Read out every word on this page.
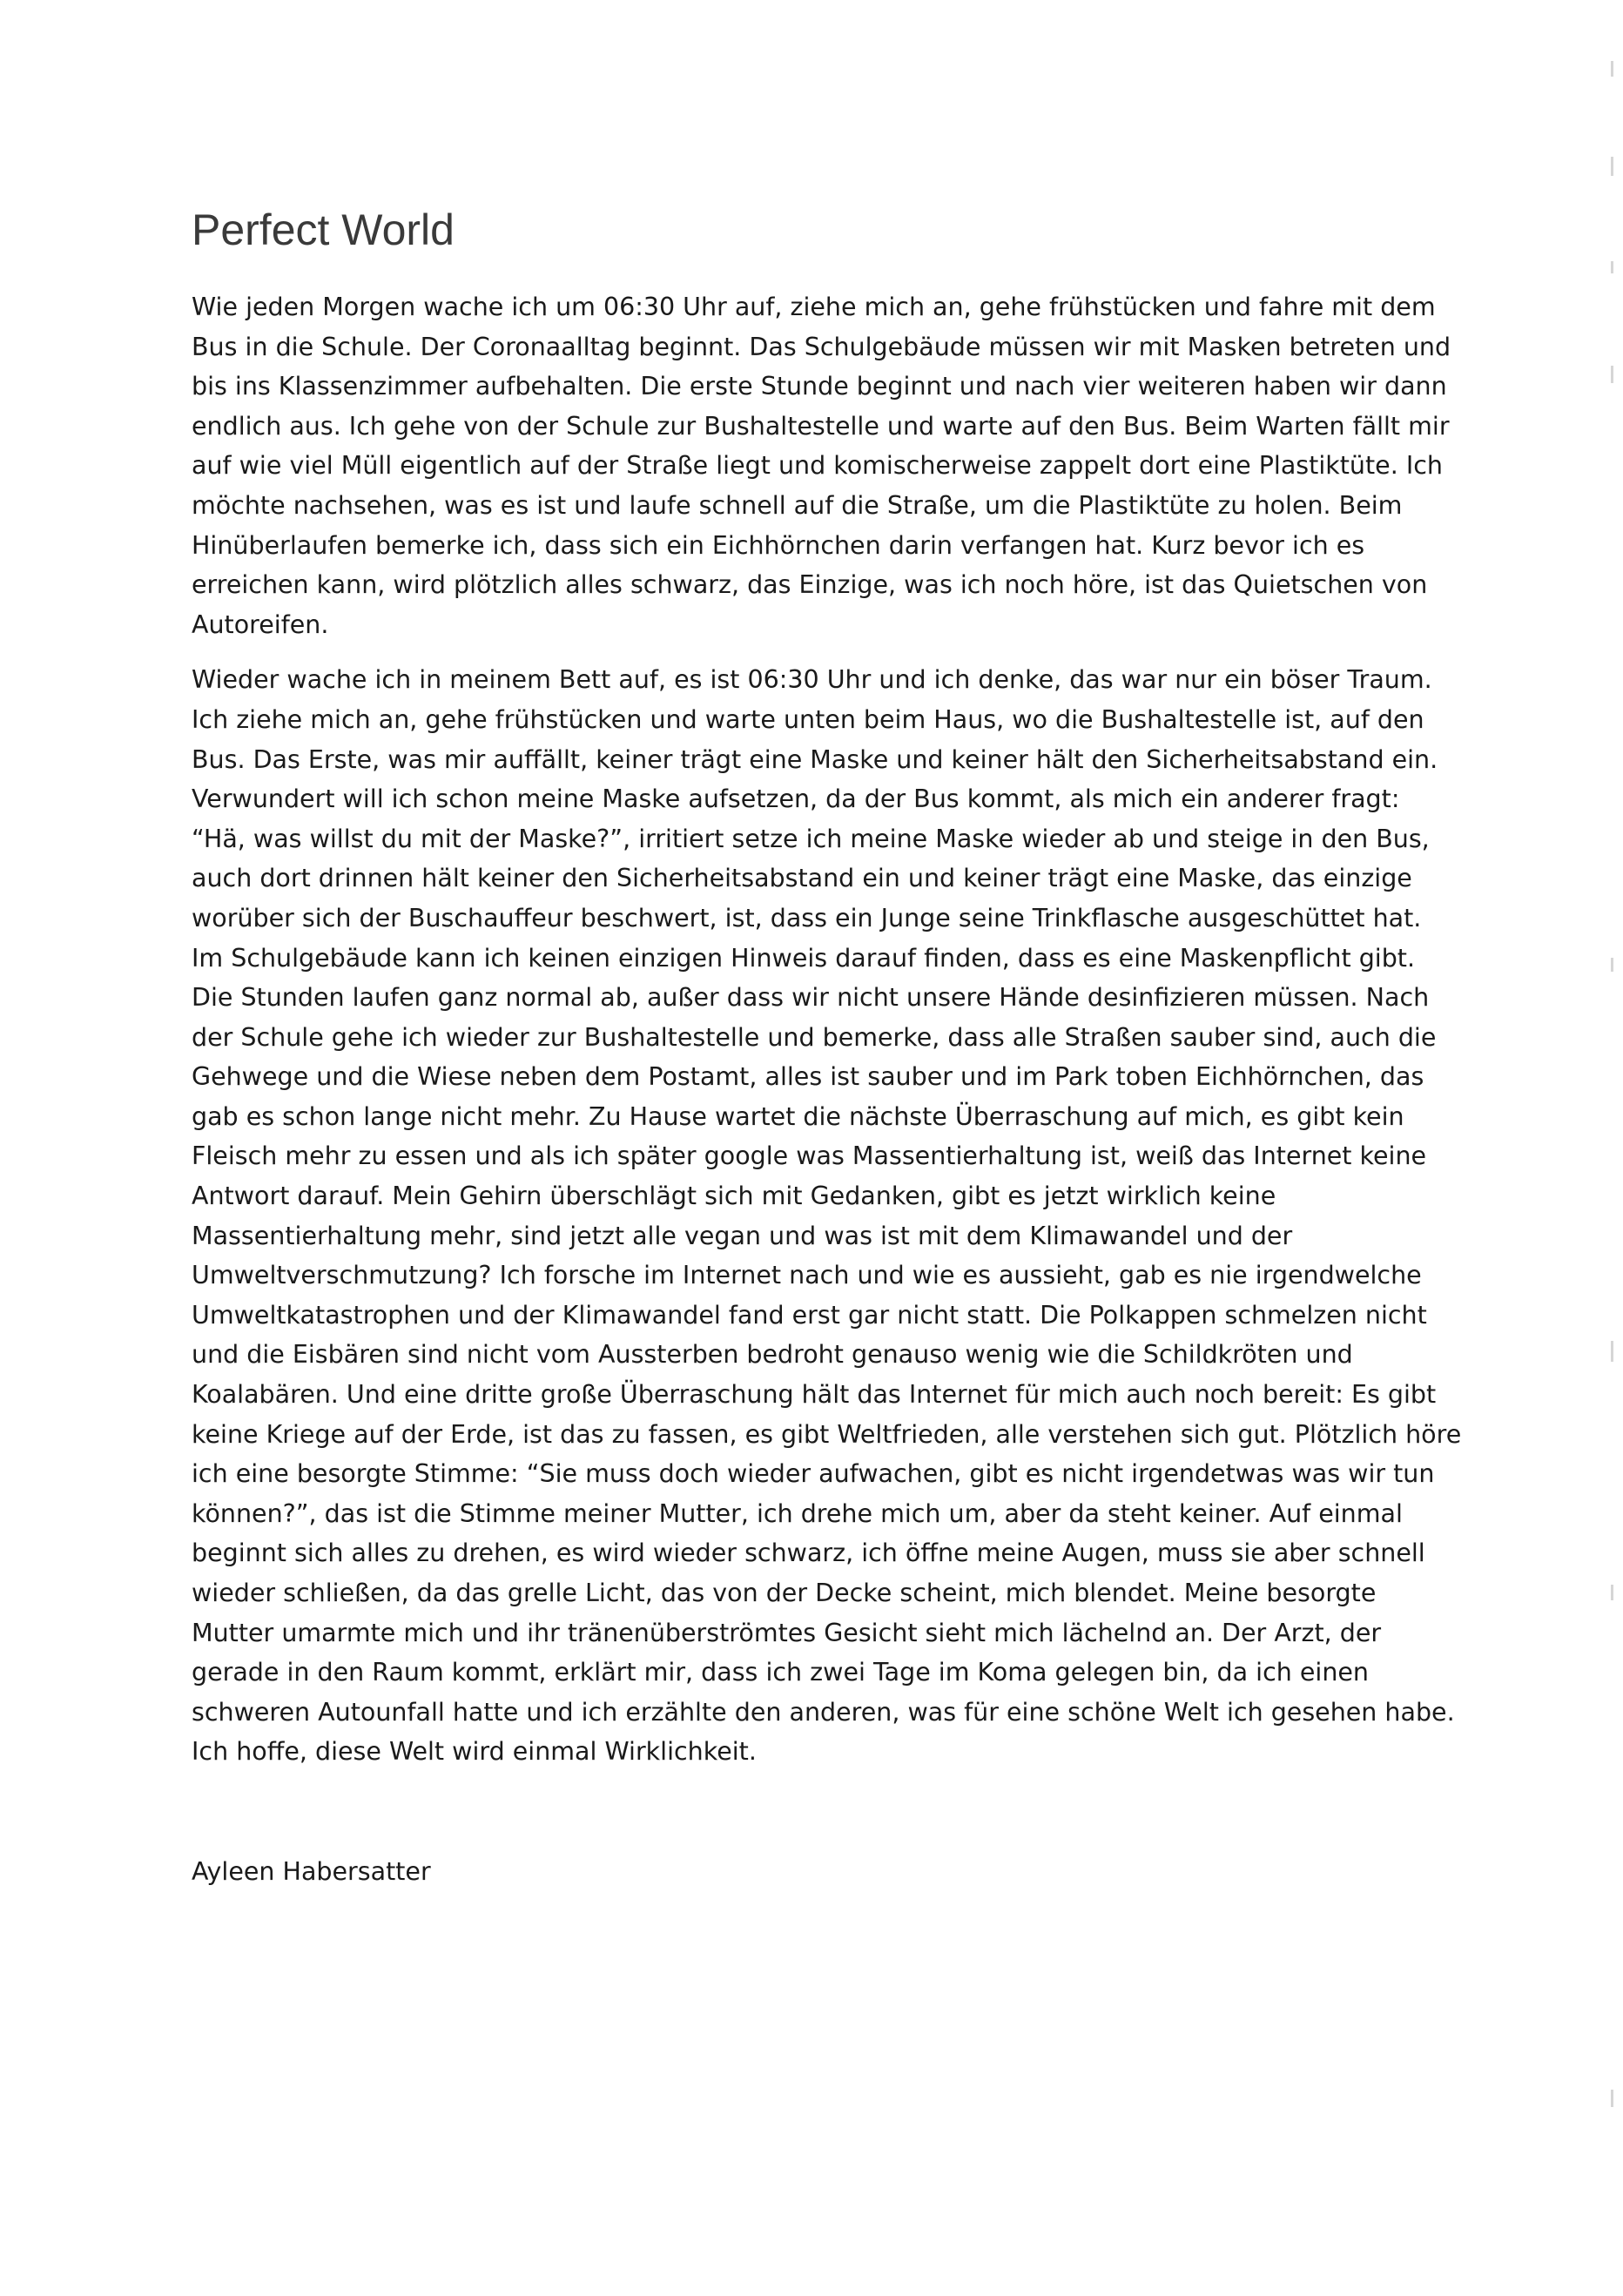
Perfect World

Wie jeden Morgen wache ich um 06:30 Uhr auf, ziehe mich an, gehe frühstücken und fahre mit dem
Bus in die Schule. Der Coronaalltag beginnt. Das Schulgebäude müssen wir mit Masken betreten und
bis ins Klassenzimmer aufbehalten. Die erste Stunde beginnt und nach vier weiteren haben wir dann
endlich aus. Ich gehe von der Schule zur Bushaltestelle und warte auf den Bus. Beim Warten fällt mir
auf wie viel Müll eigentlich auf der Straße liegt und komischerweise zappelt dort eine Plastiktüte. Ich
möchte nachsehen, was es ist und laufe schnell auf die Straße, um die Plastiktüte zu holen. Beim
Hinüberlaufen bemerke ich, dass sich ein Eichhörnchen darin verfangen hat. Kurz bevor ich es
erreichen kann, wird plötzlich alles schwarz, das Einzige, was ich noch höre, ist das Quietschen von
Autoreifen.

Wieder wache ich in meinem Bett auf, es ist 06:30 Uhr und ich denke, das war nur ein böser Traum.
Ich ziehe mich an, gehe frühstücken und warte unten beim Haus, wo die Bushaltestelle ist, auf den
Bus. Das Erste, was mir auffällt, keiner trägt eine Maske und keiner hält den Sicherheitsabstand ein.
Verwundert will ich schon meine Maske aufsetzen, da der Bus kommt, als mich ein anderer fragt:
“Hä, was willst du mit der Maske?”, irritiert setze ich meine Maske wieder ab und steige in den Bus,
auch dort drinnen hält keiner den Sicherheitsabstand ein und keiner trägt eine Maske, das einzige
worüber sich der Buschauffeur beschwert, ist, dass ein Junge seine Trinkflasche ausgeschüttet hat.
Im Schulgebäude kann ich keinen einzigen Hinweis darauf finden, dass es eine Maskenpflicht gibt.
Die Stunden laufen ganz normal ab, außer dass wir nicht unsere Hände desinfizieren müssen. Nach
der Schule gehe ich wieder zur Bushaltestelle und bemerke, dass alle Straßen sauber sind, auch die
Gehwege und die Wiese neben dem Postamt, alles ist sauber und im Park toben Eichhörnchen, das
gab es schon lange nicht mehr. Zu Hause wartet die nächste Überraschung auf mich, es gibt kein
Fleisch mehr zu essen und als ich später google was Massentierhaltung ist, weiß das Internet keine
Antwort darauf. Mein Gehirn überschlägt sich mit Gedanken, gibt es jetzt wirklich keine
Massentierhaltung mehr, sind jetzt alle vegan und was ist mit dem Klimawandel und der
Umweltverschmutzung? Ich forsche im Internet nach und wie es aussieht, gab es nie irgendwelche
Umweltkatastrophen und der Klimawandel fand erst gar nicht statt. Die Polkappen schmelzen nicht
und die Eisbären sind nicht vom Aussterben bedroht genauso wenig wie die Schildkröten und
Koalabären. Und eine dritte große Überraschung hält das Internet für mich auch noch bereit: Es gibt
keine Kriege auf der Erde, ist das zu fassen, es gibt Weltfrieden, alle verstehen sich gut. Plötzlich höre
ich eine besorgte Stimme: “Sie muss doch wieder aufwachen, gibt es nicht irgendetwas was wir tun
können?”, das ist die Stimme meiner Mutter, ich drehe mich um, aber da steht keiner. Auf einmal
beginnt sich alles zu drehen, es wird wieder schwarz, ich öffne meine Augen, muss sie aber schnell
wieder schließen, da das grelle Licht, das von der Decke scheint, mich blendet. Meine besorgte
Mutter umarmte mich und ihr tränenüberströmtes Gesicht sieht mich lächelnd an. Der Arzt, der
gerade in den Raum kommt, erklärt mir, dass ich zwei Tage im Koma gelegen bin, da ich einen
schweren Autounfall hatte und ich erzählte den anderen, was für eine schöne Welt ich gesehen habe.
Ich hoffe, diese Welt wird einmal Wirklichkeit.

Ayleen Habersatter
